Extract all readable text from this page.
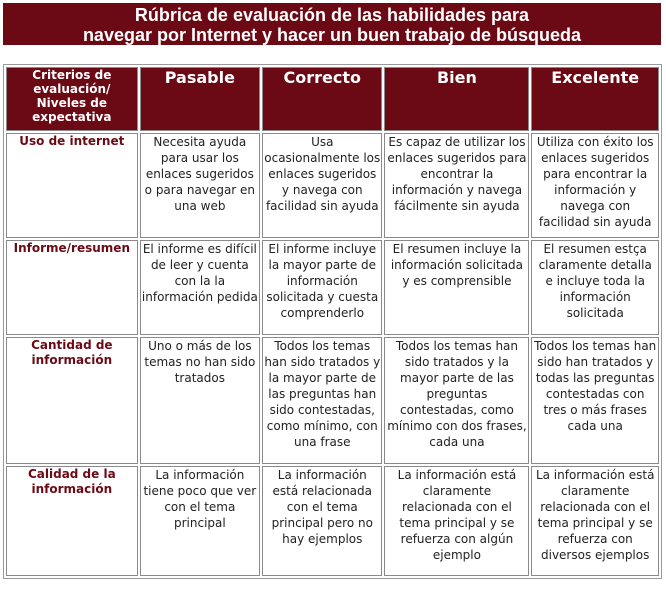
Rúbrica de evaluación de las habilidades para
navegar por Internet y hacer un buen trabajo de búsqueda
Criterios de
evaluación/
Niveles de
expectativa	Pasable	Correcto	Bien	Excelente
Uso de internet	Necesita ayuda para usar los enlaces sugeridos o para navegar en una web	Usa ocasionalmente los enlaces sugeridos y navega con facilidad sin ayuda	Es capaz de utilizar los enlaces sugeridos para encontrar la información y navega fácilmente sin ayuda	Utiliza con éxito los enlaces sugeridos para encontrar la información y navega con facilidad sin ayuda
Informe/resumen	El informe es difícil de leer y cuenta con la la información pedida	El informe incluye la mayor parte de información solicitada y cuesta comprenderlo	El resumen incluye la información solicitada y es comprensible	El resumen estça claramente detalla e incluye toda la información solicitada
Cantidad de información	Uno o más de los temas no han sido tratados	Todos los temas han sido tratados y la mayor parte de las preguntas han sido contestadas, como mínimo, con una frase	Todos los temas han sido tratados y la mayor parte de las preguntas contestadas, como mínimo con dos frases, cada una	Todos los temas han sido han tratados y todas las preguntas contestadas con tres o más frases cada una
Calidad de la información	La información tiene poco que ver con el tema principal	La información está relacionada con el tema principal pero no hay ejemplos	La información está claramente relacionada con el tema principal y se refuerza con algún ejemplo	La información está claramente relacionada con el tema principal y se refuerza con diversos ejemplos
